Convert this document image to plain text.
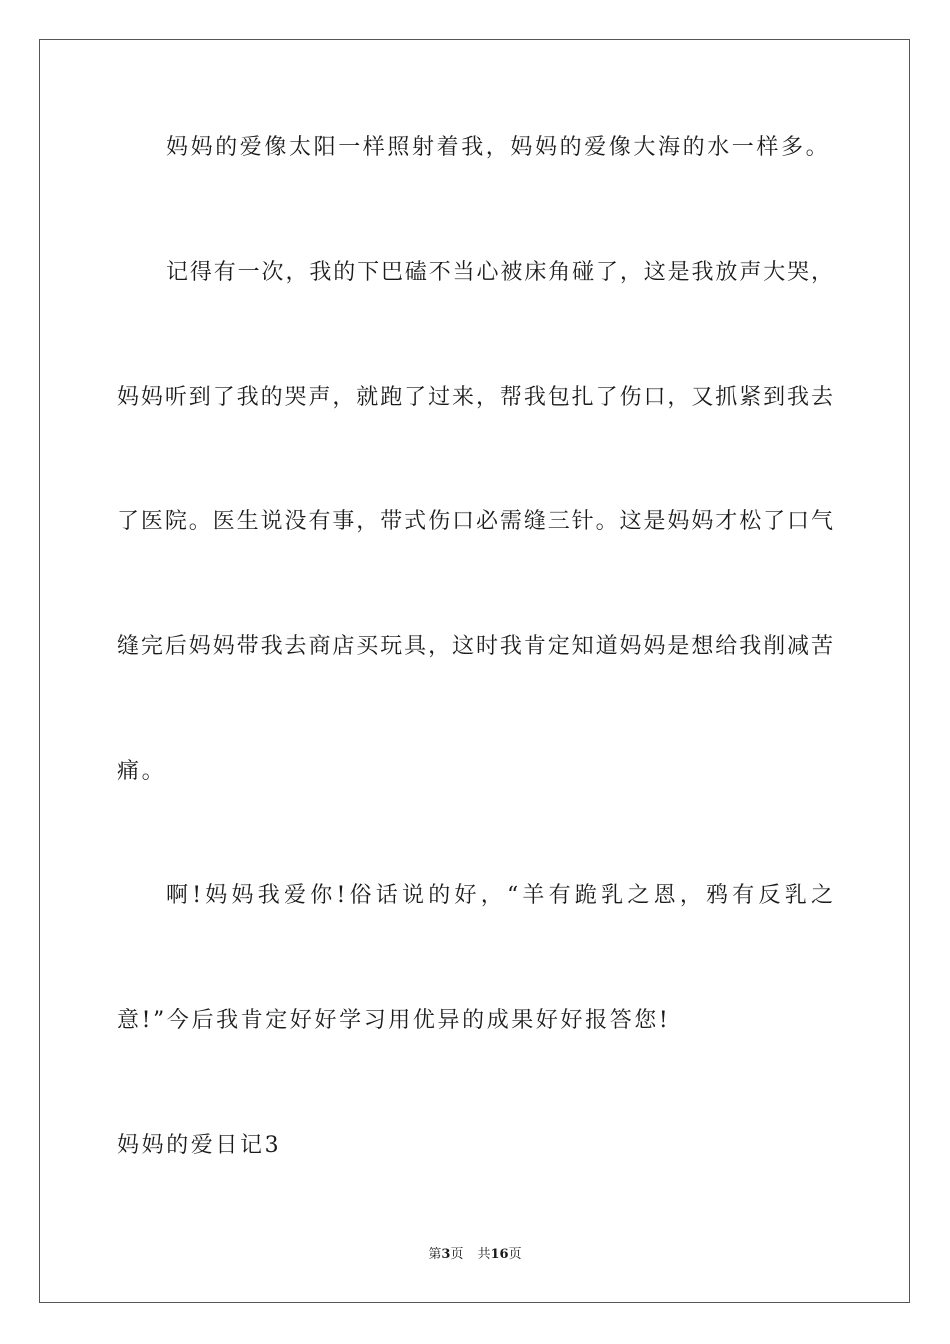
妈妈的爱像太阳一样照射着我，妈妈的爱像大海的水一样多。
记得有一次，我的下巴磕不当心被床角碰了，这是我放声大哭，
妈妈听到了我的哭声，就跑了过来，帮我包扎了伤口，又抓紧到我去
了医院。医生说没有事，带式伤口必需缝三针。这是妈妈才松了口气
缝完后妈妈带我去商店买玩具，这时我肯定知道妈妈是想给我削减苦
痛。
啊!妈妈我爱你!俗话说的好，“羊有跪乳之恩，鸦有反乳之
意!”今后我肯定好好学习用优异的成果好好报答您!
妈妈的爱日记3
第3页 共16页
